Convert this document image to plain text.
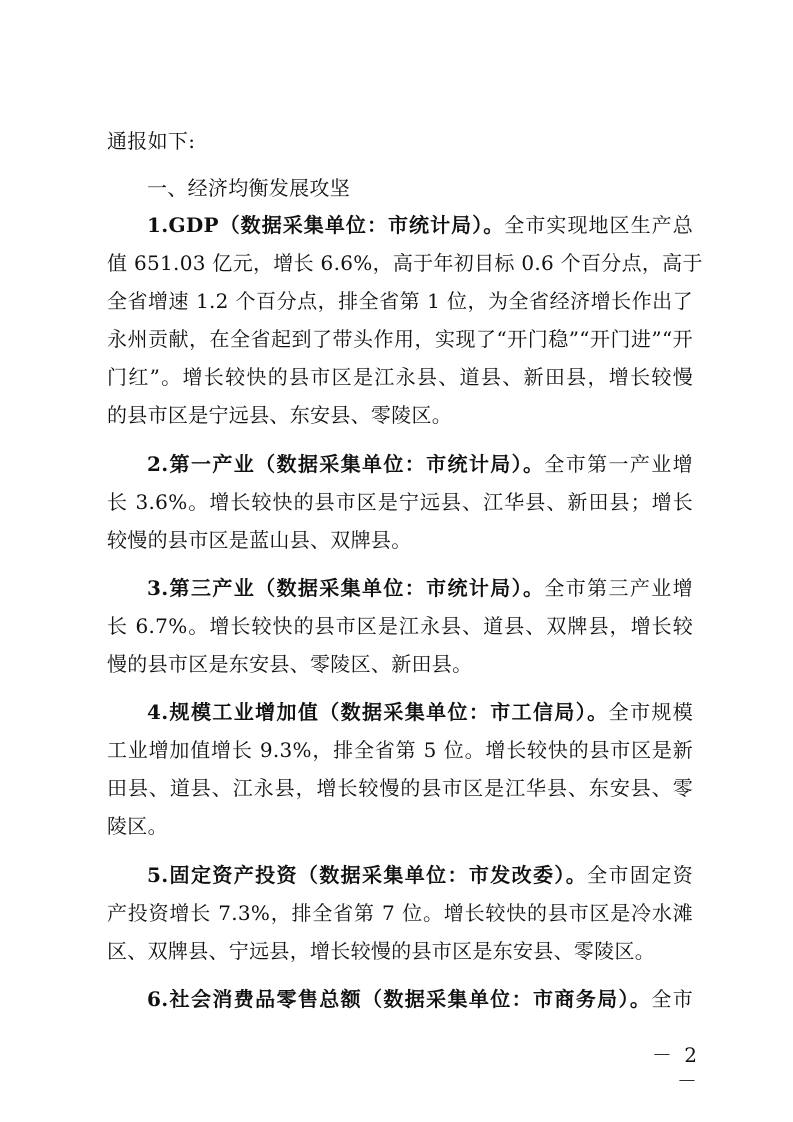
通报如下:
一、经济均衡发展攻坚
1.GDP（数据采集单位：市统计局）。全市实现地区生产总
值 651.03 亿元，增长 6.6%，高于年初目标 0.6 个百分点，高于
全省增速 1.2 个百分点，排全省第 1 位，为全省经济增长作出了
永州贡献，在全省起到了带头作用，实现了“开门稳”“开门进”“开
门红”。增长较快的县市区是江永县、道县、新田县，增长较慢
的县市区是宁远县、东安县、零陵区。
2.第一产业（数据采集单位：市统计局）。全市第一产业增
长 3.6%。增长较快的县市区是宁远县、江华县、新田县；增长
较慢的县市区是蓝山县、双牌县。
3.第三产业（数据采集单位：市统计局）。全市第三产业增
长 6.7%。增长较快的县市区是江永县、道县、双牌县，增长较
慢的县市区是东安县、零陵区、新田县。
4.规模工业增加值（数据采集单位：市工信局）。全市规模
工业增加值增长 9.3%，排全省第 5 位。增长较快的县市区是新
田县、道县、江永县，增长较慢的县市区是江华县、东安县、零
陵区。
5.固定资产投资（数据采集单位：市发改委）。全市固定资
产投资增长 7.3%，排全省第 7 位。增长较快的县市区是冷水滩
区、双牌县、宁远县，增长较慢的县市区是东安县、零陵区。
6.社会消费品零售总额（数据采集单位：市商务局）。全市
－ 2 －
